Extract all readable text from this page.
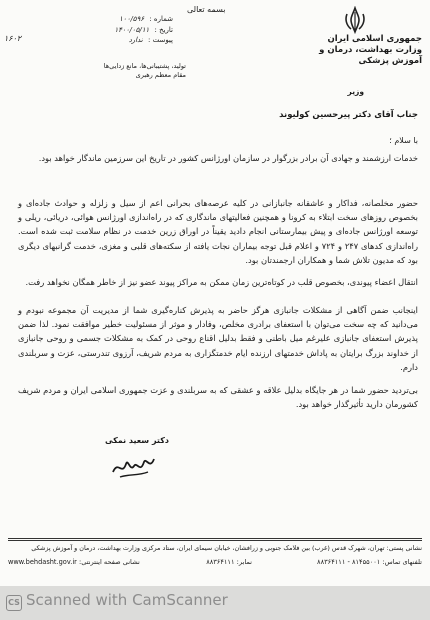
بسمه تعالی
جمهوری اسلامی ایران
وزارت بهداشت، درمان و آموزش پزشکی
وزیر
شماره : ۱۰۰/۵۹۶
تاریخ : ۱۴۰۰/۰۵/۱۱
پیوست : ندارد
۱۶۰۲
تولید، پشتیبانی‌ها، مانع زدایی‌ها
مقام معظم رهبری
جناب آقای دکتر پیرحسین کولیوند
با سلام ؛
خدمات ارزشمند و جهادی آن برادر بزرگوار در سازمان اورژانس کشور در تاریخ این سرزمین ماندگار خواهد بود.
حضور مخلصانه، فداکار و عاشقانه جانبازانی در کلیه عرصه‌های بحرانی اعم از سیل و زلزله و حوادث جاده‌ای و بخصوص روزهای سخت ابتلاء به کرونا و همچنین فعالیتهای ماندگاری که در راه‌اندازی اورژانس هوائی، دریائی، ریلی و توسعه اورژانس جاده‌ای و پیش بیمارستانی انجام دادید یقیناً در اوراق زرین خدمت در نظام سلامت ثبت شده است. راه‌اندازی کدهای ۲۴۷ و ۷۲۴ و اعلام قبل توجه بیماران نجات یافته از سکته‌های قلبی و مغزی، خدمت گرانبهای دیگری بود که مدیون تلاش شما و همکاران ارجمندتان بود.
انتقال اعضاء پیوندی، بخصوص قلب در کوتاه‌ترین زمان ممکن به مراکز پیوند عضو نیز از خاطر همگان نخواهد رفت.
اینجانب ضمن آگاهی از مشکلات جانبازی هرگز حاضر به پذیرش کناره‌گیری شما از مدیریت آن مجموعه نبودم و می‌دانید که چه سخت می‌توان با استعفای برادری مخلص، وفادار و موثر از مسئولیت خطیر موافقت نمود. لذا ضمن پذیرش استعفای جانبازی علیرغم میل باطنی و فقط بدلیل اقناع روحی در کمک به مشکلات جسمی و روحی جانبازی از خداوند بزرگ برایتان به پاداش خدمتهای ارزنده ایام خدمتگزاری به مردم شریف، آرزوی تندرستی، عزت و سربلندی دارم.
بی‌تردید حضور شما در هر جایگاه بدلیل علاقه و عشقی که به سربلندی و عزت جمهوری اسلامی ایران و مردم شریف کشورمان دارید تأثیرگذار خواهد بود.
دکتر سعید نمکی
نشانی پستی: تهران، شهرک قدس (غرب) بین فلامک جنوبی و زرافشان، خیابان سیمای ایران، ستاد مرکزی وزارت بهداشت، درمان و آموزش پزشکی
تلفنهای تماس: ۸۱۴۵۵۰۰۱ - ۸۸۳۶۴۱۱۱
نمابر: ۸۸۳۶۴۱۱۱
نشانی صفحه اینترنتی: www.behdasht.gov.ir
CS Scanned with CamScanner
